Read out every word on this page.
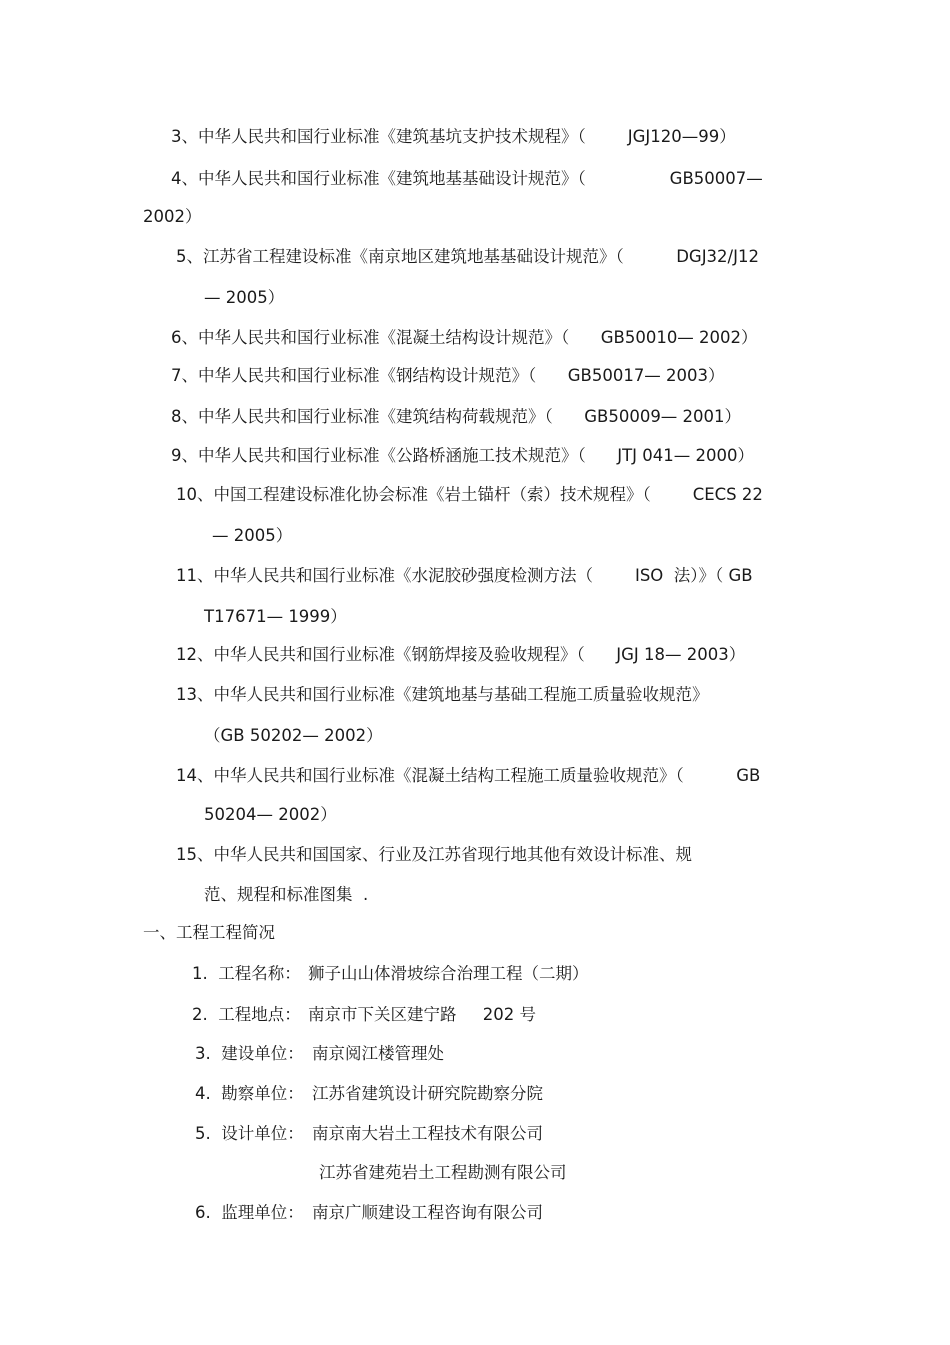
3、中华人民共和国行业标准《建筑基坑支护技术规程》（        JGJ120—99）
4、中华人民共和国行业标准《建筑地基基础设计规范》（                GB50007—
2002）
5、江苏省工程建设标准《南京地区建筑地基基础设计规范》（          DGJ32/J12
— 2005）
6、中华人民共和国行业标准《混凝土结构设计规范》（      GB50010— 2002）
7、中华人民共和国行业标准《钢结构设计规范》（      GB50017— 2003）
8、中华人民共和国行业标准《建筑结构荷载规范》（      GB50009— 2001）
9、中华人民共和国行业标准《公路桥涵施工技术规范》（      JTJ 041— 2000）
10、中国工程建设标准化协会标准《岩土锚杆（索）技术规程》（        CECS 22
— 2005）
11、中华人民共和国行业标准《水泥胶砂强度检测方法（        ISO  法）》（ GB
T17671— 1999）
12、中华人民共和国行业标准《钢筋焊接及验收规程》（      JGJ 18— 2003）
13、中华人民共和国行业标准《建筑地基与基础工程施工质量验收规范》
（GB 50202— 2002）
14、中华人民共和国行业标准《混凝土结构工程施工质量验收规范》（          GB
50204— 2002）
15、中华人民共和国国家、行业及江苏省现行地其他有效设计标准、规
范、规程和标准图集  .
一、工程工程简况
1.  工程名称： 狮子山山体滑坡综合治理工程（二期）
2.  工程地点： 南京市下关区建宁路     202 号
3.  建设单位： 南京阅江楼管理处
4.  勘察单位： 江苏省建筑设计研究院勘察分院
5.  设计单位： 南京南大岩土工程技术有限公司
江苏省建苑岩土工程勘测有限公司
6.  监理单位： 南京广顺建设工程咨询有限公司
